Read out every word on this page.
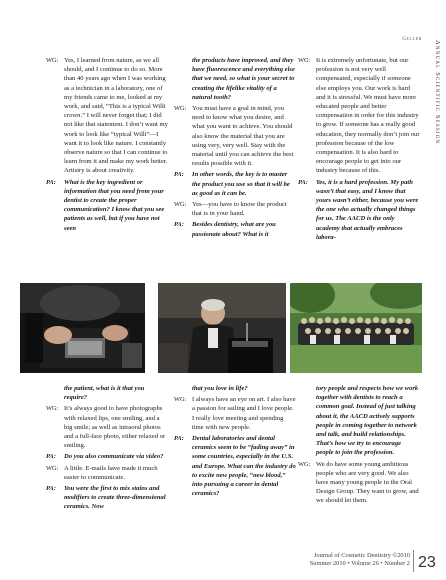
Geller
Annual Scientific Session
WG: Yes, I learned from nature, as we all should, and I continue to do so. More than 40 years ago when I was working as a technician in a laboratory, one of my friends came to me, looked at my work, and said, “This is a typical Willi crown.” I will never forget that; I did not like that statement. I don’t want my work to look like “typical Willi”—I want it to look like nature. I constantly observe nature so that I can continue to learn from it and make my work better. Artistry is about creativity.
PA:	What is the key ingredient or information that you need from your dentist to create the proper communication? I know that you see patients as well, but if you have not seen
the products have improved, and they have fluorescence and everything else that we need, so what is your secret to creating the lifelike vitality of a natural tooth?
WG: You must have a goal in mind, you need to know what you desire, and what you want to achieve. You should also know the material that you are using very, very well. Stay with the material until you can achieve the best results possible with it.
PA:	In other words, the key is to master the product you use so that it will be as good as it can be.
WG: Yes—you have to know the product that is in your hand.
PA:	Besides dentistry, what are you passionate about? What is it
WG: It is extremely unfortunate, but our profession is not very well compensated, especially if someone else employs you. Our work is hard and it is stressful. We must have more educated people and better compensation in order for this industry to grow. If someone has a really good education, they normally don’t join our profession because of the low compensation. It is also hard to encourage people to get into our industry because of this.
PA:	Yes, it is a hard profession. My path wasn’t that easy, and I know that yours wasn’t either, because you were the one who actually changed things for us. The AACD is the only academy that actually embraces labora-
the patient, what is it that you require?
WG: It’s always good to have photographs with relaxed lips, one smiling, and a big smile; as well as intraoral photos and a full-face photo, either relaxed or smiling.
PA:	Do you also communicate via video?
WG: A little. E-mails have made it much easier to communicate.
PA:	You were the first to mix stains and modifiers to create three-dimensional ceramics. Now
that you love in life?
WG: I always have an eye on art. I also have a passion for sailing and I love people. I really love meeting and spending time with new people.
PA:	Dental laboratories and dental ceramics seem to be “fading away” in some countries, especially in the U.S. and Europe. What can the industry do to excite new people, “new blood,” into pursuing a career in dental ceramics?
tory people and respects how we work together with dentists to reach a common goal. Instead of just talking about it, the AACD actively supports people in coming together to network and talk, and build relationships. That’s how we try to encourage people to join the profession.
WG: We do have some young ambitious people who are very good. We also have many young people in the Oral Design Group. They want to grow, and we should let them.
Journal of Cosmetic Dentistry ©2010
Summer 2010 • Volume 26 • Number 2 23
